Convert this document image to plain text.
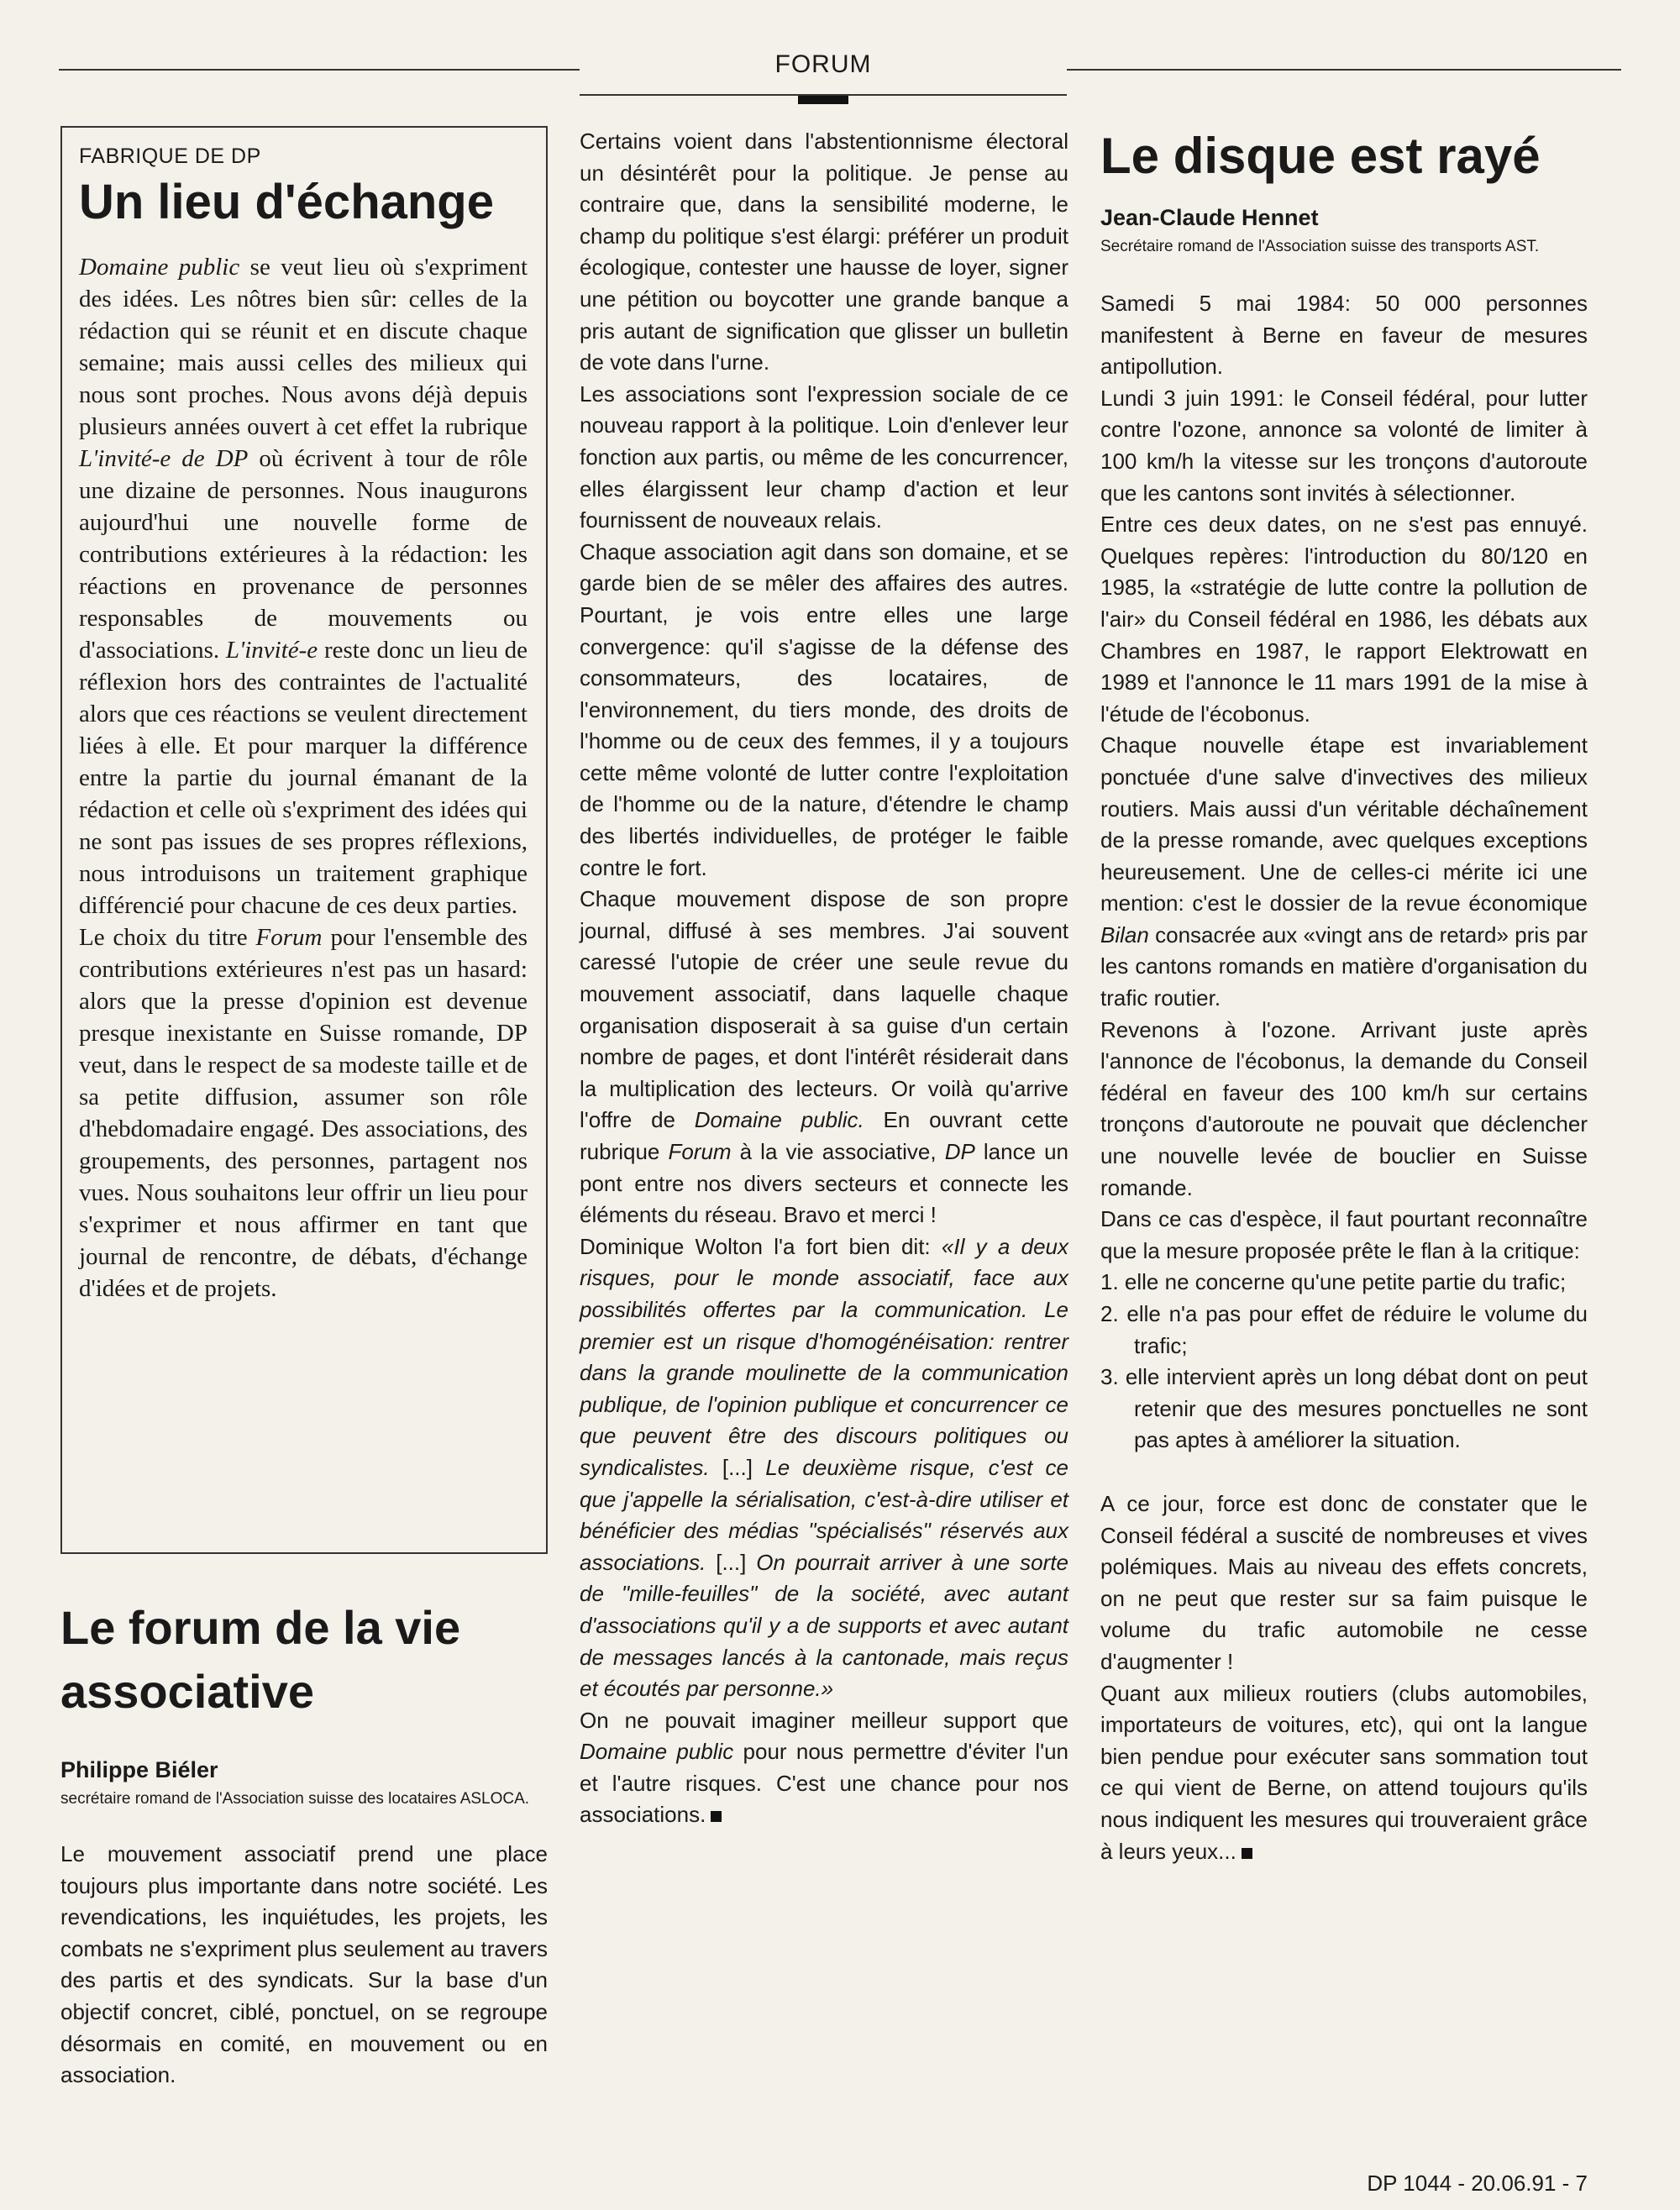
FORUM
FABRIQUE DE DP
Un lieu d'échange

Domaine public se veut lieu où s'expriment des idées. Les nôtres bien sûr: celles de la rédaction qui se réunit et en discute chaque semaine; mais aussi celles des milieux qui nous sont proches. Nous avons déjà depuis plusieurs années ouvert à cet effet la rubrique L'invité-e de DP où écrivent à tour de rôle une dizaine de personnes. Nous inaugurons aujourd'hui une nouvelle forme de contributions extérieures à la rédaction: les réactions en provenance de personnes responsables de mouvements ou d'associations. L'invité-e reste donc un lieu de réflexion hors des contraintes de l'actualité alors que ces réactions se veulent directement liées à elle. Et pour marquer la différence entre la partie du journal émanant de la rédaction et celle où s'expriment des idées qui ne sont pas issues de ses propres réflexions, nous introduisons un traitement graphique différencié pour chacune de ces deux parties.

Le choix du titre Forum pour l'ensemble des contributions extérieures n'est pas un hasard: alors que la presse d'opinion est devenue presque inexistante en Suisse romande, DP veut, dans le respect de sa modeste taille et de sa petite diffusion, assumer son rôle d'hebdomadaire engagé. Des associations, des groupements, des personnes, partagent nos vues. Nous souhaitons leur offrir un lieu pour s'exprimer et nous affirmer en tant que journal de rencontre, de débats, d'échange d'idées et de projets.

Le forum de la vie associative
Philippe Biéler
secrétaire romand de l'Association suisse des locataires ASLOCA.

Le mouvement associatif prend une place toujours plus importante dans notre société. Les revendications, les inquiétudes, les projets, les combats ne s'expriment plus seulement au travers des partis et des syndicats. Sur la base d'un objectif concret, ciblé, ponctuel, on se regroupe désormais en comité, en mouvement ou en association.

Certains voient dans l'abstentionnisme électoral un désintérêt pour la politique. Je pense au contraire que, dans la sensibilité moderne, le champ du politique s'est élargi: préférer un produit écologique, contester une hausse de loyer, signer une pétition ou boycotter une grande banque a pris autant de signification que glisser un bulletin de vote dans l'urne.

Les associations sont l'expression sociale de ce nouveau rapport à la politique. Loin d'enlever leur fonction aux partis, ou même de les concurrencer, elles élargissent leur champ d'action et leur fournissent de nouveaux relais.

Chaque association agit dans son domaine, et se garde bien de se mêler des affaires des autres. Pourtant, je vois entre elles une large convergence: qu'il s'agisse de la défense des consommateurs, des locataires, de l'environnement, du tiers monde, des droits de l'homme ou de ceux des femmes, il y a toujours cette même volonté de lutter contre l'exploitation de l'homme ou de la nature, d'étendre le champ des libertés individuelles, de protéger le faible contre le fort.

Chaque mouvement dispose de son propre journal, diffusé à ses membres. J'ai souvent caressé l'utopie de créer une seule revue du mouvement associatif, dans laquelle chaque organisation disposerait à sa guise d'un certain nombre de pages, et dont l'intérêt résiderait dans la multiplication des lecteurs. Or voilà qu'arrive l'offre de Domaine public. En ouvrant cette rubrique Forum à la vie associative, DP lance un pont entre nos divers secteurs et connecte les éléments du réseau. Bravo et merci !

Dominique Wolton l'a fort bien dit: «Il y a deux risques, pour le monde associatif, face aux possibilités offertes par la communication. Le premier est un risque d'homogénéisation: rentrer dans la grande moulinette de la communication publique, de l'opinion publique et concurrencer ce que peuvent être des discours politiques ou syndicalistes. [...] Le deuxième risque, c'est ce que j'appelle la sérialisation, c'est-à-dire utiliser et bénéficier des médias "spécialisés" réservés aux associations. [...] On pourrait arriver à une sorte de "mille-feuilles" de la société, avec autant d'associations qu'il y a de supports et avec autant de messages lancés à la cantonade, mais reçus et écoutés par personne.»

On ne pouvait imaginer meilleur support que Domaine public pour nous permettre d'éviter l'un et l'autre risques. C'est une chance pour nos associations.

Le disque est rayé
Jean-Claude Hennet
Secrétaire romand de l'Association suisse des transports AST.

Samedi 5 mai 1984: 50 000 personnes manifestent à Berne en faveur de mesures antipollution.

Lundi 3 juin 1991: le Conseil fédéral, pour lutter contre l'ozone, annonce sa volonté de limiter à 100 km/h la vitesse sur les tronçons d'autoroute que les cantons sont invités à sélectionner.

Entre ces deux dates, on ne s'est pas ennuyé. Quelques repères: l'introduction du 80/120 en 1985, la «stratégie de lutte contre la pollution de l'air» du Conseil fédéral en 1986, les débats aux Chambres en 1987, le rapport Elektrowatt en 1989 et l'annonce le 11 mars 1991 de la mise à l'étude de l'écobonus.

Chaque nouvelle étape est invariablement ponctuée d'une salve d'invectives des milieux routiers. Mais aussi d'un véritable déchaînement de la presse romande, avec quelques exceptions heureusement. Une de celles-ci mérite ici une mention: c'est le dossier de la revue économique Bilan consacrée aux «vingt ans de retard» pris par les cantons romands en matière d'organisation du trafic routier.

Revenons à l'ozone. Arrivant juste après l'annonce de l'écobonus, la demande du Conseil fédéral en faveur des 100 km/h sur certains tronçons d'autoroute ne pouvait que déclencher une nouvelle levée de bouclier en Suisse romande.

Dans ce cas d'espèce, il faut pourtant reconnaître que la mesure proposée prête le flan à la critique:

1. elle ne concerne qu'une petite partie du trafic;
2. elle n'a pas pour effet de réduire le volume du trafic;
3. elle intervient après un long débat dont on peut retenir que des mesures ponctuelles ne sont pas aptes à améliorer la situation.

A ce jour, force est donc de constater que le Conseil fédéral a suscité de nombreuses et vives polémiques. Mais au niveau des effets concrets, on ne peut que rester sur sa faim puisque le volume du trafic automobile ne cesse d'augmenter !

Quant aux milieux routiers (clubs automobiles, importateurs de voitures, etc), qui ont la langue bien pendue pour exécuter sans sommation tout ce qui vient de Berne, on attend toujours qu'ils nous indiquent les mesures qui trouveraient grâce à leurs yeux...

DP 1044 - 20.06.91 - 7
